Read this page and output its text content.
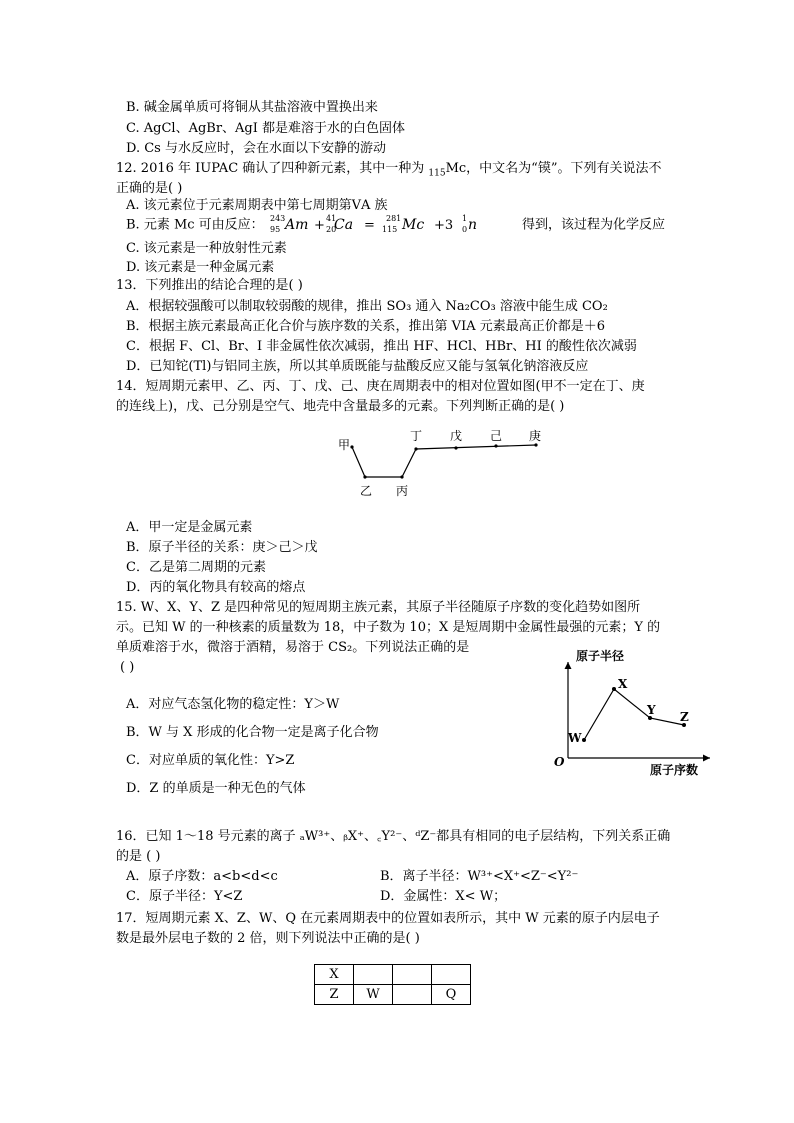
B. 碱金属单质可将铜从其盐溶液中置换出来
C. AgCl、AgBr、AgI 都是难溶于水的白色固体
D. Cs 与水反应时，会在水面以下安静的游动
12. 2016 年 IUPAC 确认了四种新元素，其中一种为 $_{115}$Mc，中文名为“镆”。下列有关说法不
正确的是( )
A. 该元素位于元素周期表中第七周期第ⅤA 族
B. 元素 Mc 可由反应： 243
95
41
20
281
115
1
0
Am Ca	Mc	n
+	=	+3	得到，该过程为化学反应
C. 该元素是一种放射性元素
D. 该元素是一种金属元素
13．下列推出的结论合理的是( )
A．根据较强酸可以制取较弱酸的规律，推出 SO₃ 通入 Na₂CO₃ 溶液中能生成 CO₂
B．根据主族元素最高正化合价与族序数的关系，推出第 VIA 元素最高正价都是＋6
C．根据 F、Cl、Br、I 非金属性依次减弱，推出 HF、HCl、HBr、HI 的酸性依次减弱
D．已知铊(Tl)与铝同主族，所以其单质既能与盐酸反应又能与氢氧化钠溶液反应
14．短周期元素甲、乙、丙、丁、戊、己、庚在周期表中的相对位置如图(甲不一定在丁、庚
的连线上)，戊、己分别是空气、地壳中含量最多的元素。下列判断正确的是( )
甲
乙 丙
丁 戊 己 庚
A．甲一定是金属元素
B．原子半径的关系：庚＞己＞戊
C．乙是第二周期的元素
D．丙的氧化物具有较高的熔点
15. W、X、Y、Z 是四种常见的短周期主族元素，其原子半径随原子序数的变化趋势如图所
示。已知 W 的一种核素的质量数为 18，中子数为 10；X 是短周期中金属性最强的元素；Y 的
单质难溶于水，微溶于酒精，易溶于 CS₂。下列说法正确的是
( )
A．对应气态氢化物的稳定性：Y＞W
B．W 与 X 形成的化合物一定是离子化合物
C．对应单质的氧化性：Y>Z
D．Z 的单质是一种无色的气体
原子半径
原子序数
O
W
X
Y Z
16．已知 1～18 号元素的离子 ₐW³⁺、ᵦX⁺、꜀Y²⁻、ᵈZ⁻都具有相同的电子层结构，下列关系正确
的是 ( )
A．原子序数：a<b<d<c	B．离子半径：W³⁺<X⁺<Z⁻<Y²⁻
C．原子半径：Y<Z	D．金属性：X< W；
17．短周期元素 X、Z、W、Q 在元素周期表中的位置如表所示，其中 W 元素的原子内层电子
数是最外层电子数的 2 倍，则下列说法中正确的是( )
X			
Z	W		Q
